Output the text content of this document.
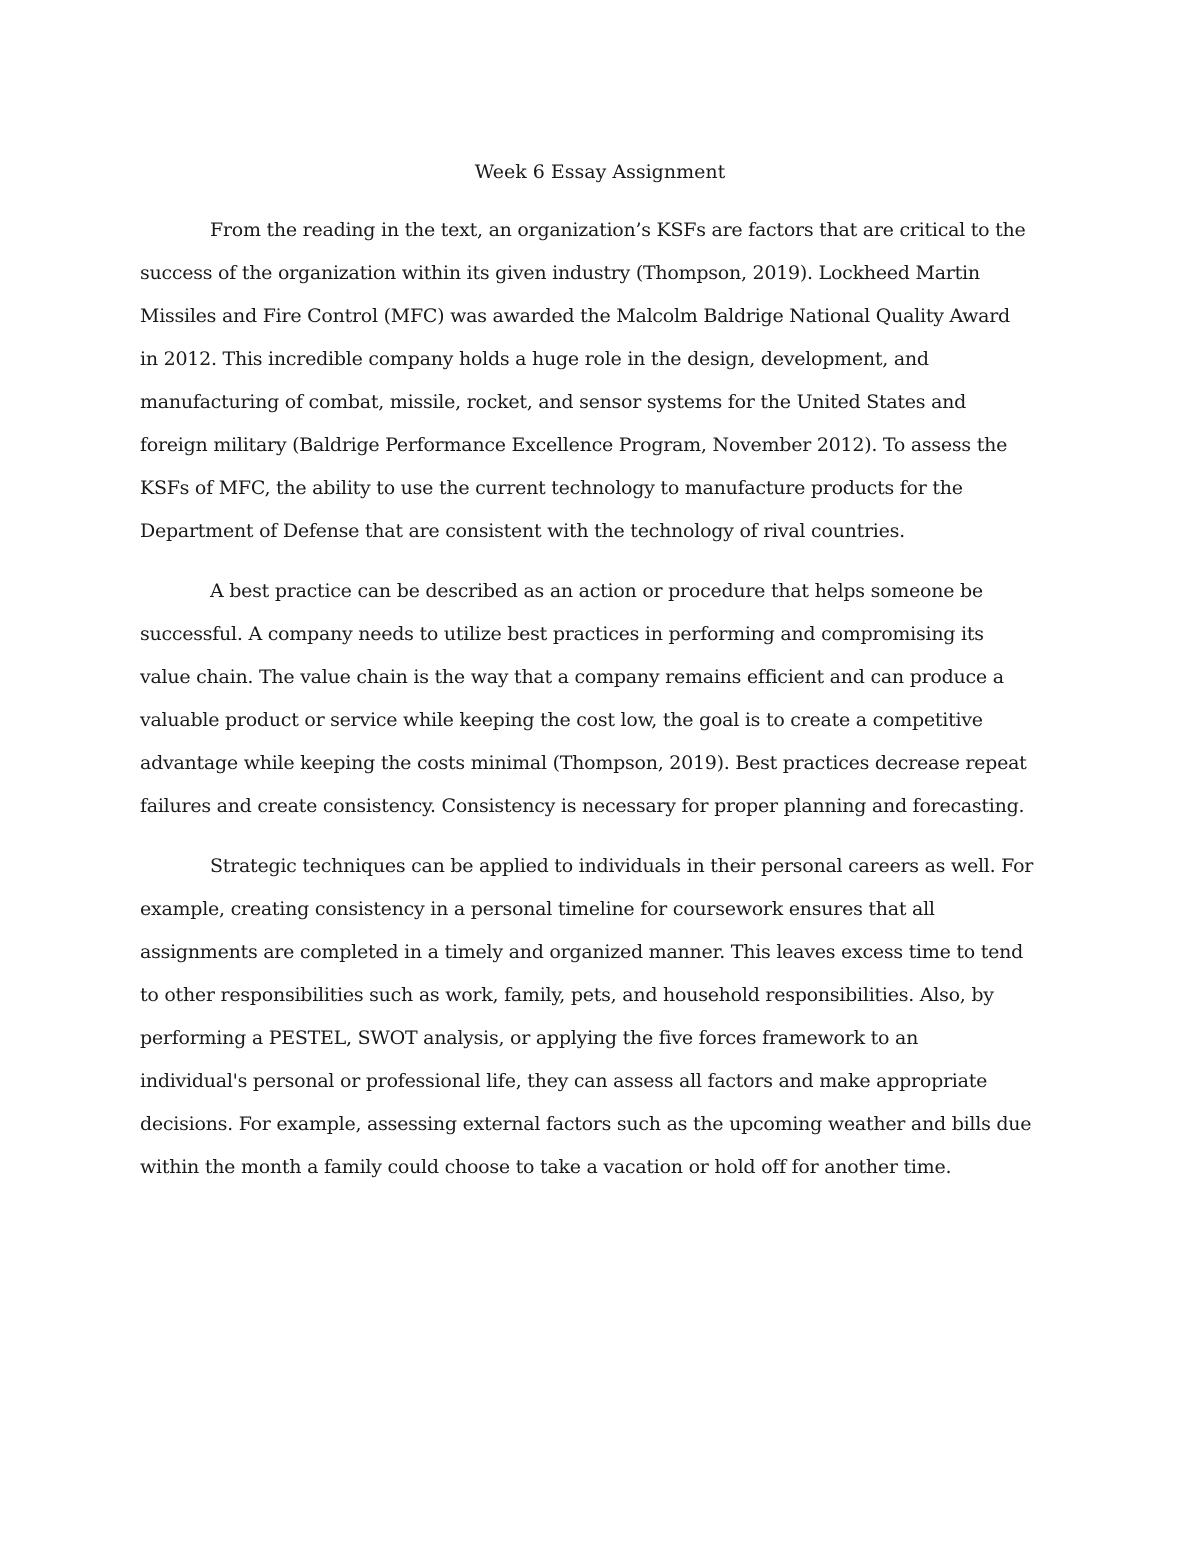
Week 6 Essay Assignment

From the reading in the text, an organization’s KSFs are factors that are critical to the
success of the organization within its given industry (Thompson, 2019). Lockheed Martin
Missiles and Fire Control (MFC) was awarded the Malcolm Baldrige National Quality Award
in 2012. This incredible company holds a huge role in the design, development, and
manufacturing of combat, missile, rocket, and sensor systems for the United States and
foreign military (Baldrige Performance Excellence Program, November 2012). To assess the
KSFs of MFC, the ability to use the current technology to manufacture products for the
Department of Defense that are consistent with the technology of rival countries.

A best practice can be described as an action or procedure that helps someone be
successful. A company needs to utilize best practices in performing and compromising its
value chain. The value chain is the way that a company remains efficient and can produce a
valuable product or service while keeping the cost low, the goal is to create a competitive
advantage while keeping the costs minimal (Thompson, 2019). Best practices decrease repeat
failures and create consistency. Consistency is necessary for proper planning and forecasting.

Strategic techniques can be applied to individuals in their personal careers as well. For
example, creating consistency in a personal timeline for coursework ensures that all
assignments are completed in a timely and organized manner. This leaves excess time to tend
to other responsibilities such as work, family, pets, and household responsibilities. Also, by
performing a PESTEL, SWOT analysis, or applying the five forces framework to an
individual's personal or professional life, they can assess all factors and make appropriate
decisions. For example, assessing external factors such as the upcoming weather and bills due
within the month a family could choose to take a vacation or hold off for another time.
